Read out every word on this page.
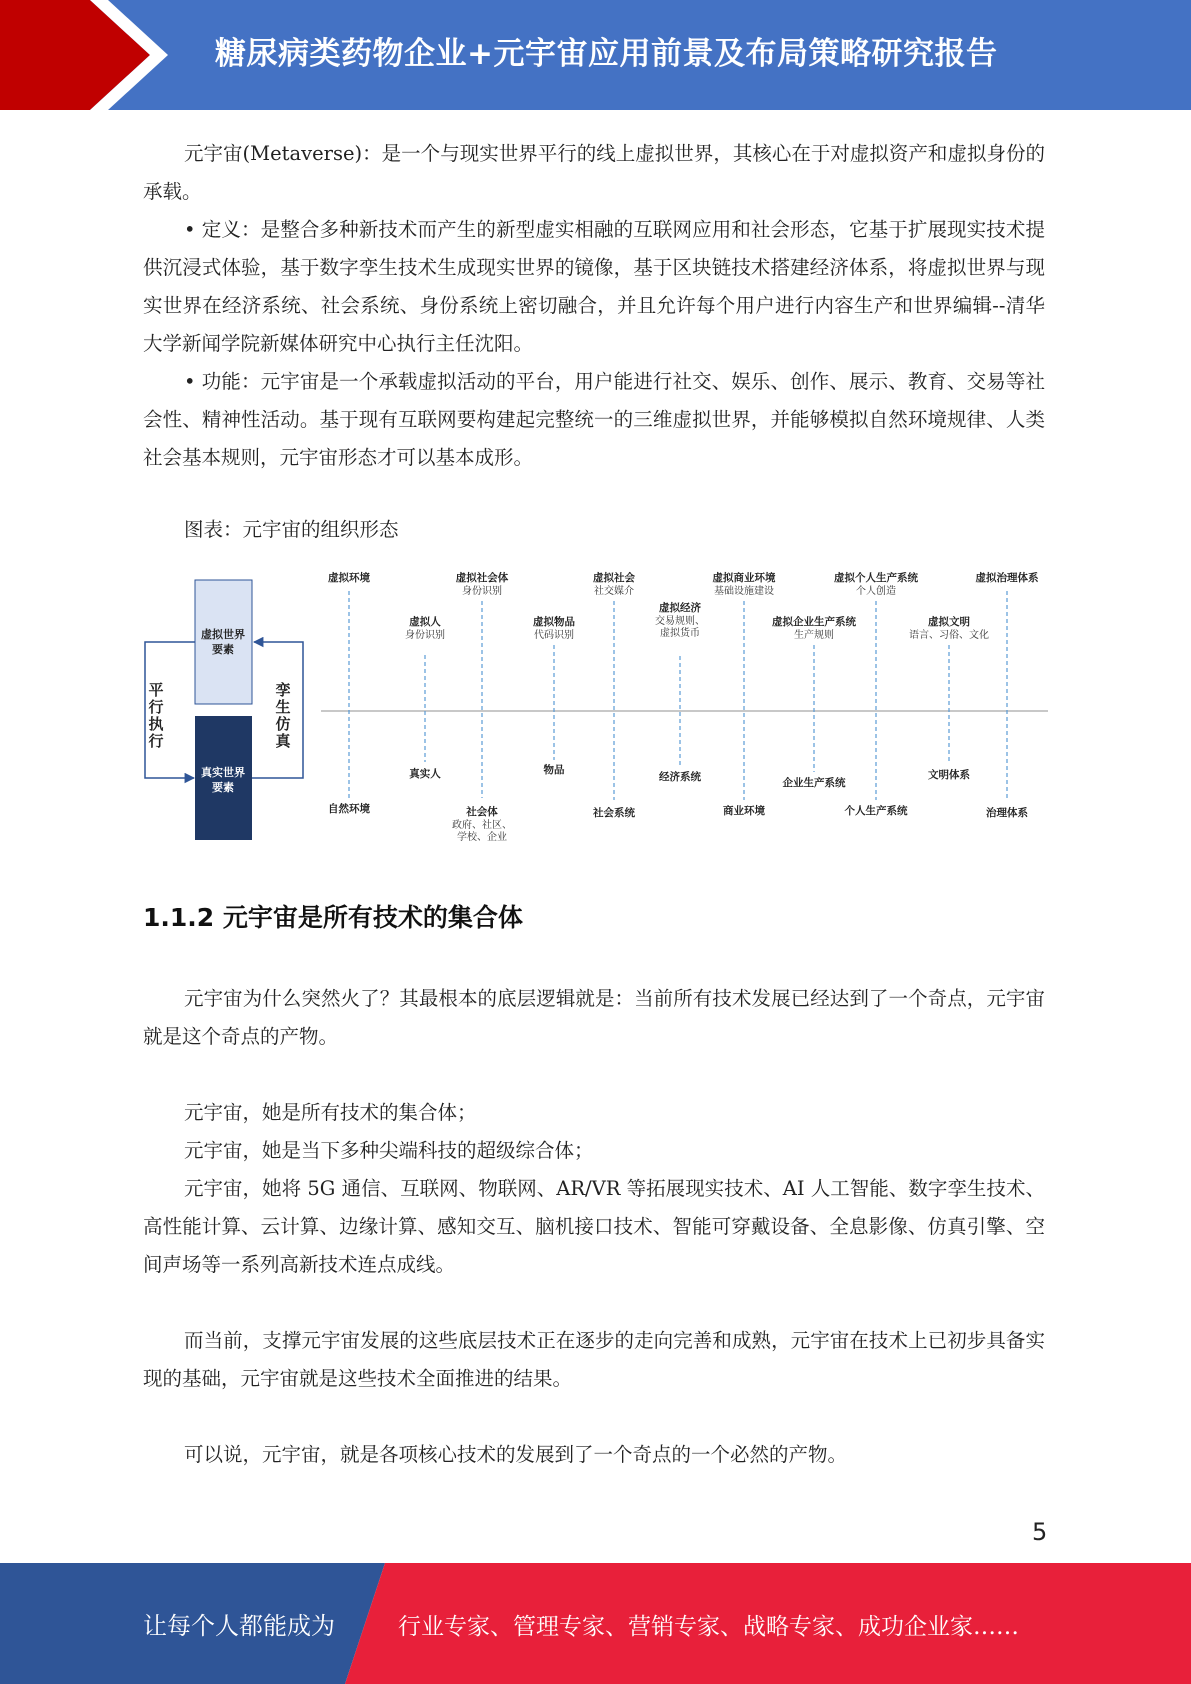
糖尿病类药物企业+元宇宙应用前景及布局策略研究报告

元宇宙(Metaverse)：是一个与现实世界平行的线上虚拟世界，其核心在于对虚拟资产和虚拟身份的承载。

• 定义：是整合多种新技术而产生的新型虚实相融的互联网应用和社会形态，它基于扩展现实技术提供沉浸式体验，基于数字孪生技术生成现实世界的镜像，基于区块链技术搭建经济体系，将虚拟世界与现实世界在经济系统、社会系统、身份系统上密切融合，并且允许每个用户进行内容生产和世界编辑--清华大学新闻学院新媒体研究中心执行主任沈阳。

• 功能：元宇宙是一个承载虚拟活动的平台，用户能进行社交、娱乐、创作、展示、教育、交易等社会性、精神性活动。基于现有互联网要构建起完整统一的三维虚拟世界，并能够模拟自然环境规律、人类社会基本规则，元宇宙形态才可以基本成形。

图表：元宇宙的组织形态
虚拟世界
要素
真实世界
要素
平
行
执
行
孪
生
仿
真
虚拟环境
虚拟人
身份识别
虚拟社会体
身份识别
虚拟物品
代码识别
虚拟社会
社交媒介
虚拟经济
交易规则、
虚拟货币
虚拟商业环境
基础设施建设
虚拟企业生产系统
生产规则
虚拟个人生产系统
个人创造
虚拟文明
语言、习俗、文化
虚拟治理体系
自然环境
真实人
社会体
政府、社区、
学校、企业
物品
社会系统
经济系统
商业环境
企业生产系统
个人生产系统
文明体系
治理体系
1.1.2 元宇宙是所有技术的集合体

元宇宙为什么突然火了？其最根本的底层逻辑就是：当前所有技术发展已经达到了一个奇点，元宇宙就是这个奇点的产物。

元宇宙，她是所有技术的集合体；

元宇宙，她是当下多种尖端科技的超级综合体；

元宇宙，她将 5G 通信、互联网、物联网、AR/VR 等拓展现实技术、AI 人工智能、数字孪生技术、高性能计算、云计算、边缘计算、感知交互、脑机接口技术、智能可穿戴设备、全息影像、仿真引擎、空间声场等一系列高新技术连点成线。

而当前，支撑元宇宙发展的这些底层技术正在逐步的走向完善和成熟，元宇宙在技术上已初步具备实现的基础，元宇宙就是这些技术全面推进的结果。

可以说，元宇宙，就是各项核心技术的发展到了一个奇点的一个必然的产物。

5
让每个人都能成为	行业专家、管理专家、营销专家、战略专家、成功企业家……
